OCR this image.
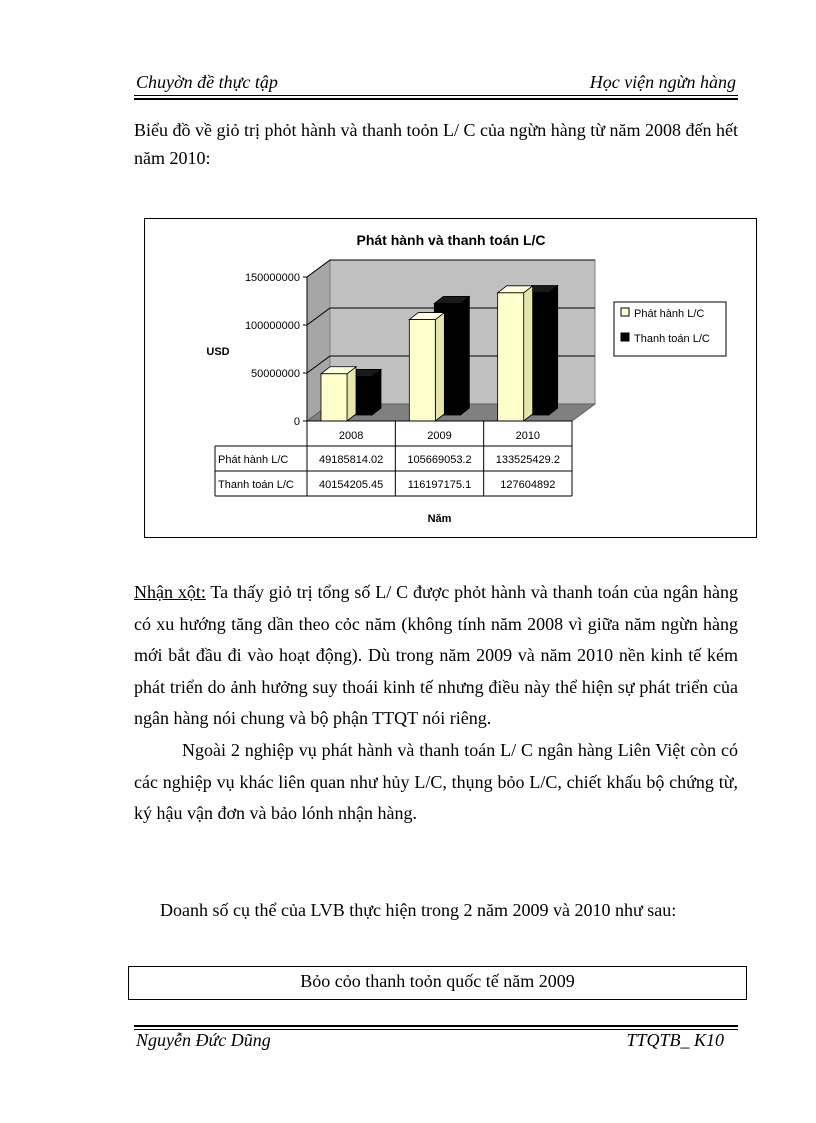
Chuyờn đề thực tập	Học viện ngừn hàng
Biểu đồ về giỏ trị phỏt hành và thanh toỏn L/ C của ngừn hàng từ năm 2008 đến hết năm 2010:
Phát hành và thanh toán L/C
0
50000000
100000000
150000000
USD
2008	2009	2010
Phát hành L/C	49185814.02 105669053.2 133525429.2
Thanh toán L/C 40154205.45 116197175.1	127604892
Năm
Phát hành L/C
Thanh toán L/C
Nhận xột: Ta thấy giỏ trị tổng số L/ C được phỏt hành và thanh toán của ngân hàng có xu hướng tăng dần theo cỏc năm (không tính năm 2008 vì giữa năm ngừn hàng mới bắt đầu đi vào hoạt động). Dù trong năm 2009 và năm 2010 nền kinh tế kém phát triển do ảnh hưởng suy thoái kinh tế nhưng điều này thể hiện sự phát triển của ngân hàng nói chung và bộ phận TTQT nói riêng.
Ngoài 2 nghiệp vụ phát hành và thanh toán L/ C ngân hàng Liên Việt còn có các nghiệp vụ khác liên quan như hủy L/C, thụng bỏo L/C, chiết khấu bộ chứng từ, ký hậu vận đơn và bảo lónh nhận hàng.
Doanh số cụ thể của LVB thực hiện trong 2 năm 2009 và 2010 như sau:
Bỏo cỏo thanh toỏn quốc tế năm 2009
Nguyễn Đức Dũng	TTQTB_ K10
